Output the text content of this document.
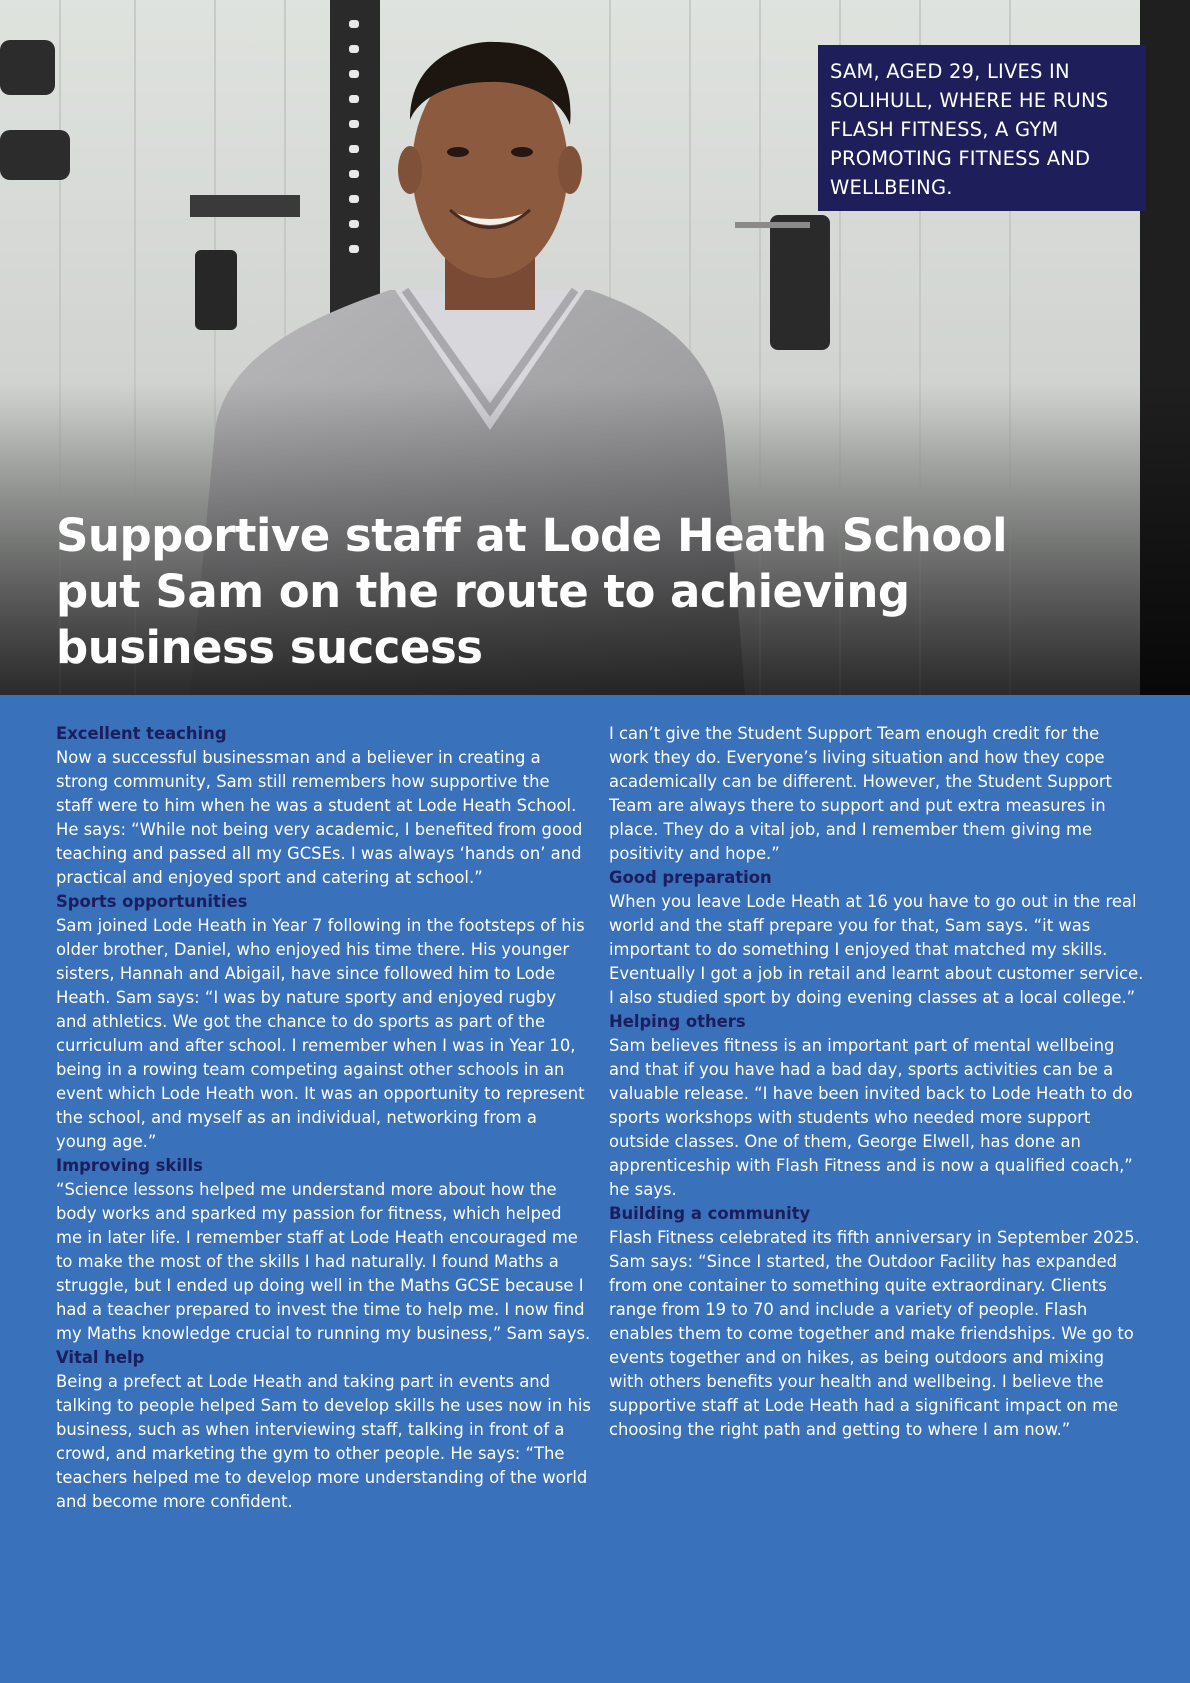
SAM, AGED 29, LIVES IN SOLIHULL, WHERE HE RUNS FLASH FITNESS, A GYM PROMOTING FITNESS AND WELLBEING.
Supportive staff at Lode Heath School
put Sam on the route to achieving
business success
Excellent teaching

Now a successful businessman and a believer in creating a strong community, Sam still remembers how supportive the staff were to him when he was a student at Lode Heath School. He says: “While not being very academic, I benefited from good teaching and passed all my GCSEs. I was always ‘hands on’ and practical and enjoyed sport and catering at school.”

Sports opportunities

Sam joined Lode Heath in Year 7 following in the footsteps of his older brother, Daniel, who enjoyed his time there. His younger sisters, Hannah and Abigail, have since followed him to Lode Heath. Sam says: “I was by nature sporty and enjoyed rugby and athletics. We got the chance to do sports as part of the curriculum and after school. I remember when I was in Year 10, being in a rowing team competing against other schools in an event which Lode Heath won. It was an opportunity to represent the school, and myself as an individual, networking from a young age.”

Improving skills

“Science lessons helped me understand more about how the body works and sparked my passion for fitness, which helped me in later life. I remember staff at Lode Heath encouraged me to make the most of the skills I had naturally. I found Maths a struggle, but I ended up doing well in the Maths GCSE because I had a teacher prepared to invest the time to help me. I now find my Maths knowledge crucial to running my business,” Sam says.

Vital help

Being a prefect at Lode Heath and taking part in events and talking to people helped Sam to develop skills he uses now in his business, such as when interviewing staff, talking in front of a crowd, and marketing the gym to other people. He says: “The teachers helped me to develop more understanding of the world and become more confident.

I can’t give the Student Support Team enough credit for the work they do. Everyone’s living situation and how they cope academically can be different. However, the Student Support Team are always there to support and put extra measures in place. They do a vital job, and I remember them giving me positivity and hope.”

Good preparation

When you leave Lode Heath at 16 you have to go out in the real world and the staff prepare you for that, Sam says. “it was important to do something I enjoyed that matched my skills. Eventually I got a job in retail and learnt about customer service. I also studied sport by doing evening classes at a local college.”

Helping others

Sam believes fitness is an important part of mental wellbeing and that if you have had a bad day, sports activities can be a valuable release. “I have been invited back to Lode Heath to do sports workshops with students who needed more support outside classes. One of them, George Elwell, has done an apprenticeship with Flash Fitness and is now a qualified coach,” he says.

Building a community

Flash Fitness celebrated its fifth anniversary in September 2025. Sam says: “Since I started, the Outdoor Facility has expanded from one container to something quite extraordinary. Clients range from 19 to 70 and include a variety of people. Flash enables them to come together and make friendships. We go to events together and on hikes, as being outdoors and mixing with others benefits your health and wellbeing. I believe the supportive staff at Lode Heath had a significant impact on me choosing the right path and getting to where I am now.”
